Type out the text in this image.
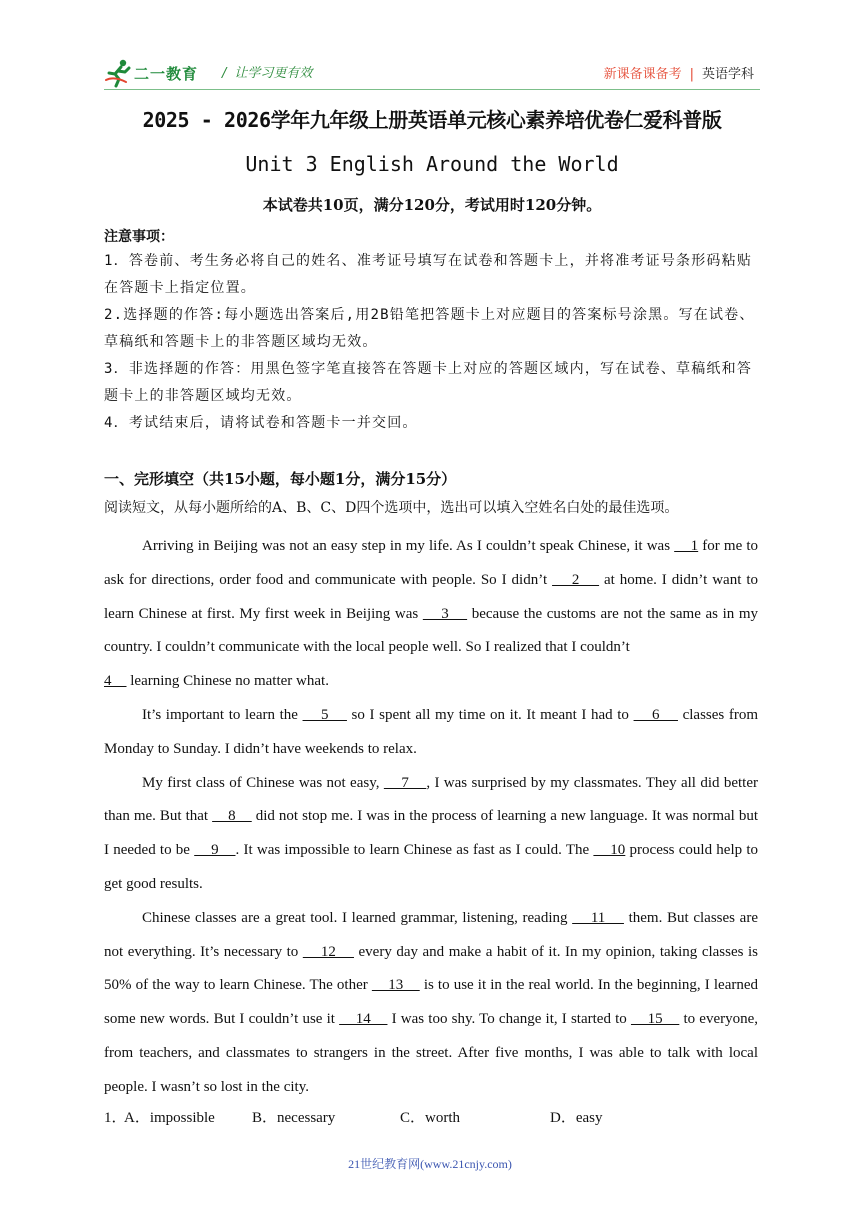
二一教育 / 让学习更有效	新课备课备考 | 英语学科
2025 - 2026学年九年级上册英语单元核心素养培优卷仁爱科普版
Unit 3 English Around the World
本试卷共10页，满分120分，考试用时120分钟。
注意事项：
1．答卷前、考生务必将自己的姓名、准考证号填写在试卷和答题卡上，并将准考证号条形码粘贴在答题卡上指定位置。
2.选择题的作答:每小题选出答案后,用2B铅笔把答题卡上对应题目的答案标号涂黑。写在试卷、草稿纸和答题卡上的非答题区域均无效。
3．非选择题的作答：用黑色签字笔直接答在答题卡上对应的答题区域内，写在试卷、草稿纸和答题卡上的非答题区域均无效。
4．考试结束后，请将试卷和答题卡一并交回。
一、完形填空（共15小题，每小题1分，满分15分）
阅读短文，从每小题所给的A、B、C、D四个选项中，选出可以填入空姓名白处的最佳选项。

Arriving in Beijing was not an easy step in my life. As I couldn’t speak Chinese, it was     1 for me to ask for directions, order food and communicate with people. So I didn’t     2     at home. I didn’t want to learn Chinese at first. My first week in Beijing was     3     because the customs are not the same as in my country. I couldn’t communicate with the local people well. So I realized that I couldn’t

4     learning Chinese no matter what.

It’s important to learn the     5     so I spent all my time on it. It meant I had to     6     classes from Monday to Sunday. I didn’t have weekends to relax.

My first class of Chinese was not easy,     7    , I was surprised by my classmates. They all did better than me. But that     8     did not stop me. I was in the process of learning a new language. It was normal but I needed to be     9    . It was impossible to learn Chinese as fast as I could. The     10 process could help to get good results.

Chinese classes are a great tool. I learned grammar, listening, reading     11     them. But classes are not everything. It’s necessary to     12     every day and make a habit of it. In my opinion, taking classes is 50% of the way to learn Chinese. The other     13     is to use it in the real world. In the beginning, I learned some new words. But I couldn’t use it     14     I was too shy. To change it, I started to     15     to everyone, from teachers, and classmates to strangers in the street. After five months, I was able to talk with local people. I wasn’t so lost in the city.

1．
A．impossible B．necessary	C．worth	D．easy
21世纪教育网(www.21cnjy.com)
